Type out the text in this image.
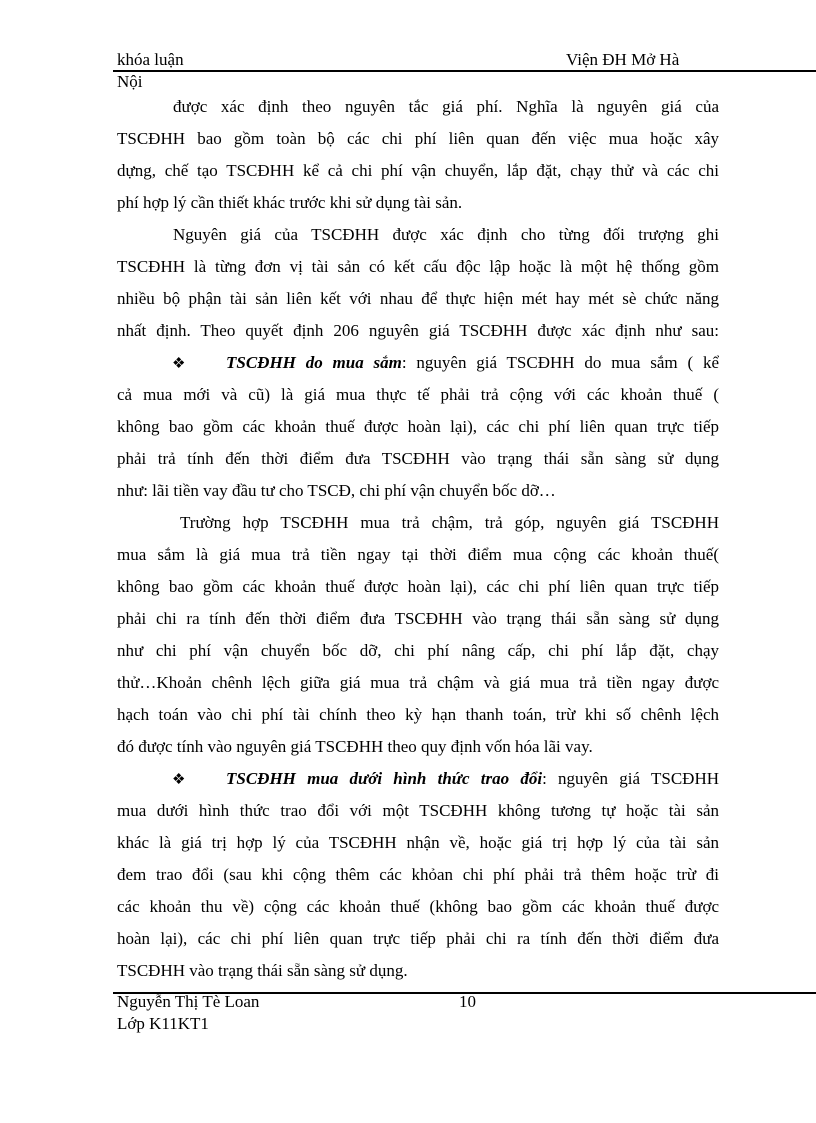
khóa luận	Viện ĐH Mở Hà
Nội
được xác định theo nguyên tắc giá phí. Nghĩa là nguyên giá của
TSCĐHH bao gồm toàn bộ các chi phí liên quan đến việc mua hoặc xây
dựng, chế tạo TSCĐHH kể cả chi phí vận chuyển, lắp đặt, chạy thử và các chi
phí hợp lý cần thiết khác trước khi sử dụng tài sản.
Nguyên giá của TSCĐHH được xác định cho từng đối trượng ghi
TSCĐHH là từng đơn vị tài sản có kết cấu độc lập hoặc là một hệ thống gồm
nhiều bộ phận tài sản liên kết với nhau để thực hiện mét hay mét sè chức năng
nhất định. Theo quyết định 206 nguyên giá TSCĐHH được xác định như sau:
❖ TSCĐHH do mua sắm: nguyên giá TSCĐHH do mua sắm ( kể
cả mua mới và cũ) là giá mua thực tế phải trả cộng với các khoản thuế (
không bao gồm các khoản thuế được hoàn lại), các chi phí liên quan trực tiếp
phải trả tính đến thời điểm đưa TSCĐHH vào trạng thái sẵn sàng sử dụng
như: lãi tiền vay đầu tư cho TSCĐ, chi phí vận chuyển bốc dỡ…
Trường hợp TSCĐHH mua trả chậm, trả góp, nguyên giá TSCĐHH
mua sắm là giá mua trả tiền ngay tại thời điểm mua cộng các khoản thuế(
không bao gồm các khoản thuế được hoàn lại), các chi phí liên quan trực tiếp
phải chi ra tính đến thời điểm đưa TSCĐHH vào trạng thái sẵn sàng sử dụng
như chi phí vận chuyển bốc dỡ, chi phí nâng cấp, chi phí lắp đặt, chạy
thử…Khoản chênh lệch giữa giá mua trả chậm và giá mua trả tiền ngay được
hạch toán vào chi phí tài chính theo kỳ hạn thanh toán, trừ khi số chênh lệch
đó được tính vào nguyên giá TSCĐHH theo quy định vốn hóa lãi vay.
❖ TSCĐHH mua dưới hình thức trao đổi: nguyên giá TSCĐHH
mua dưới hình thức trao đổi với một TSCĐHH không tương tự hoặc tài sản
khác là giá trị hợp lý của TSCĐHH nhận về, hoặc giá trị hợp lý của tài sản
đem trao đổi (sau khi cộng thêm các khỏan chi phí phải trả thêm hoặc trừ đi
các khoản thu về) cộng các khoản thuế (không bao gồm các khoản thuế được
hoàn lại), các chi phí liên quan trực tiếp phải chi ra tính đến thời điểm đưa
TSCĐHH vào trạng thái sẵn sàng sử dụng.
Nguyễn Thị Tè Loan	10
Lớp K11KT1
